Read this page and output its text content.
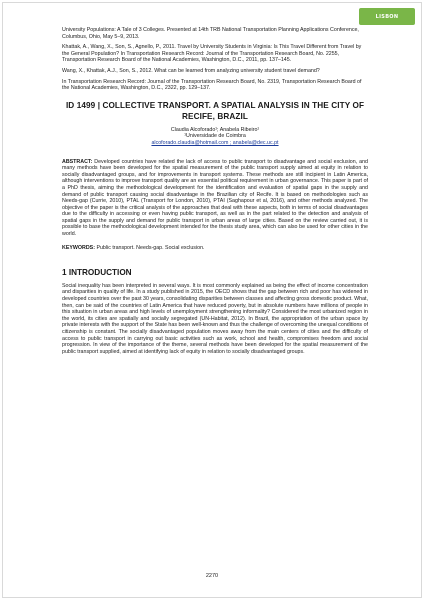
LISBON

University Populations: A Tale of 3 Colleges. Presented at 14th TRB National Transportation Planning Applications Conference, Columbus, Ohio, May 5–9, 2013.

Khattak, A., Wang, X., Son, S., Agnello, P., 2011. Travel by University Students in Virginia: Is This Travel Different from Travel by the General Population? In Transportation Research Record: Journal of the Transportation Research Board, No. 2255, Transportation Research Board of the National Academies, Washington, D.C., 2011, pp. 137–145.

Wang, X., Khattak, A.J., Son, S., 2012. What can be learned from analyzing university student travel demand?

In Transportation Research Record: Journal of the Transportation Research Board, No. 2319, Transportation Research Board of the National Academies, Washington, D.C., 2322, pp. 129–137.

ID 1499 | COLLECTIVE TRANSPORT. A SPATIAL ANALYSIS IN THE CITY OF RECIFE, BRAZIL
Claudia Alcoforado¹; Anabela Ribeiro¹
¹Universidade de Coimbra
alcoforado.claudia@hotmail.com ; anabela@dec.uc.pt

ABSTRACT: Developed countries have related the lack of access to public transport to disadvantage and social exclusion, and many methods have been developed for the spatial measurement of the public transport supply aimed at equity in relation to socially disadvantaged groups, and for improvements in transport systems. These methods are still incipient in Latin America, although interventions to improve transport quality are an essential political requirement in urban governance. This paper is part of a PhD thesis, aiming the methodological development for the identification and evaluation of spatial gaps in the supply and demand of public transport causing social disadvantage in the Brazilian city of Recife. It is based on methodologies such as Needs-gap (Currie, 2010), PTAL (Transport for London, 2010), PTAI (Saghapour et al, 2016), and other methods analyzed. The objective of the paper is the critical analysis of the approaches that deal with these aspects, both in terms of social disadvantages due to the difficulty in accessing or even having public transport, as well as in the part related to the detection and analysis of spatial gaps in the supply and demand for public transport in urban areas of large cities. Based on the review carried out, it is possible to base the methodological development intended for the thesis study area, which can also be used for other cities in the world.

KEYWORDS: Public transport. Needs-gap. Social exclusion.

1 INTRODUCTION

Social inequality has been interpreted in several ways. It is most commonly explained as being the effect of income concentration and disparities in quality of life. In a study published in 2015, the OECD shows that the gap between rich and poor has widened in developed countries over the past 30 years, consolidating disparities between classes and affecting gross domestic product. What, then, can be said of the countries of Latin America that have reduced poverty, but in absolute numbers have millions of people in this situation in urban areas and high levels of unemployment strengthening informality? Considered the most urbanized region in the world, its cities are spatially and socially segregated (UN-Habitat, 2012). In Brazil, the appropriation of the urban space by private interests with the support of the State has been well-known and thus the challenge of overcoming the unequal conditions of citizenship is constant. The socially disadvantaged population moves away from the main centers of cities and the difficulty of access to public transport in carrying out basic activities such as work, school and health, compromises freedom and social progression. In view of the importance of the theme, several methods have been developed for the spatial measurement of the public transport supplied, aimed at identifying lack of equity in relation to socially disadvantaged groups.

2270
